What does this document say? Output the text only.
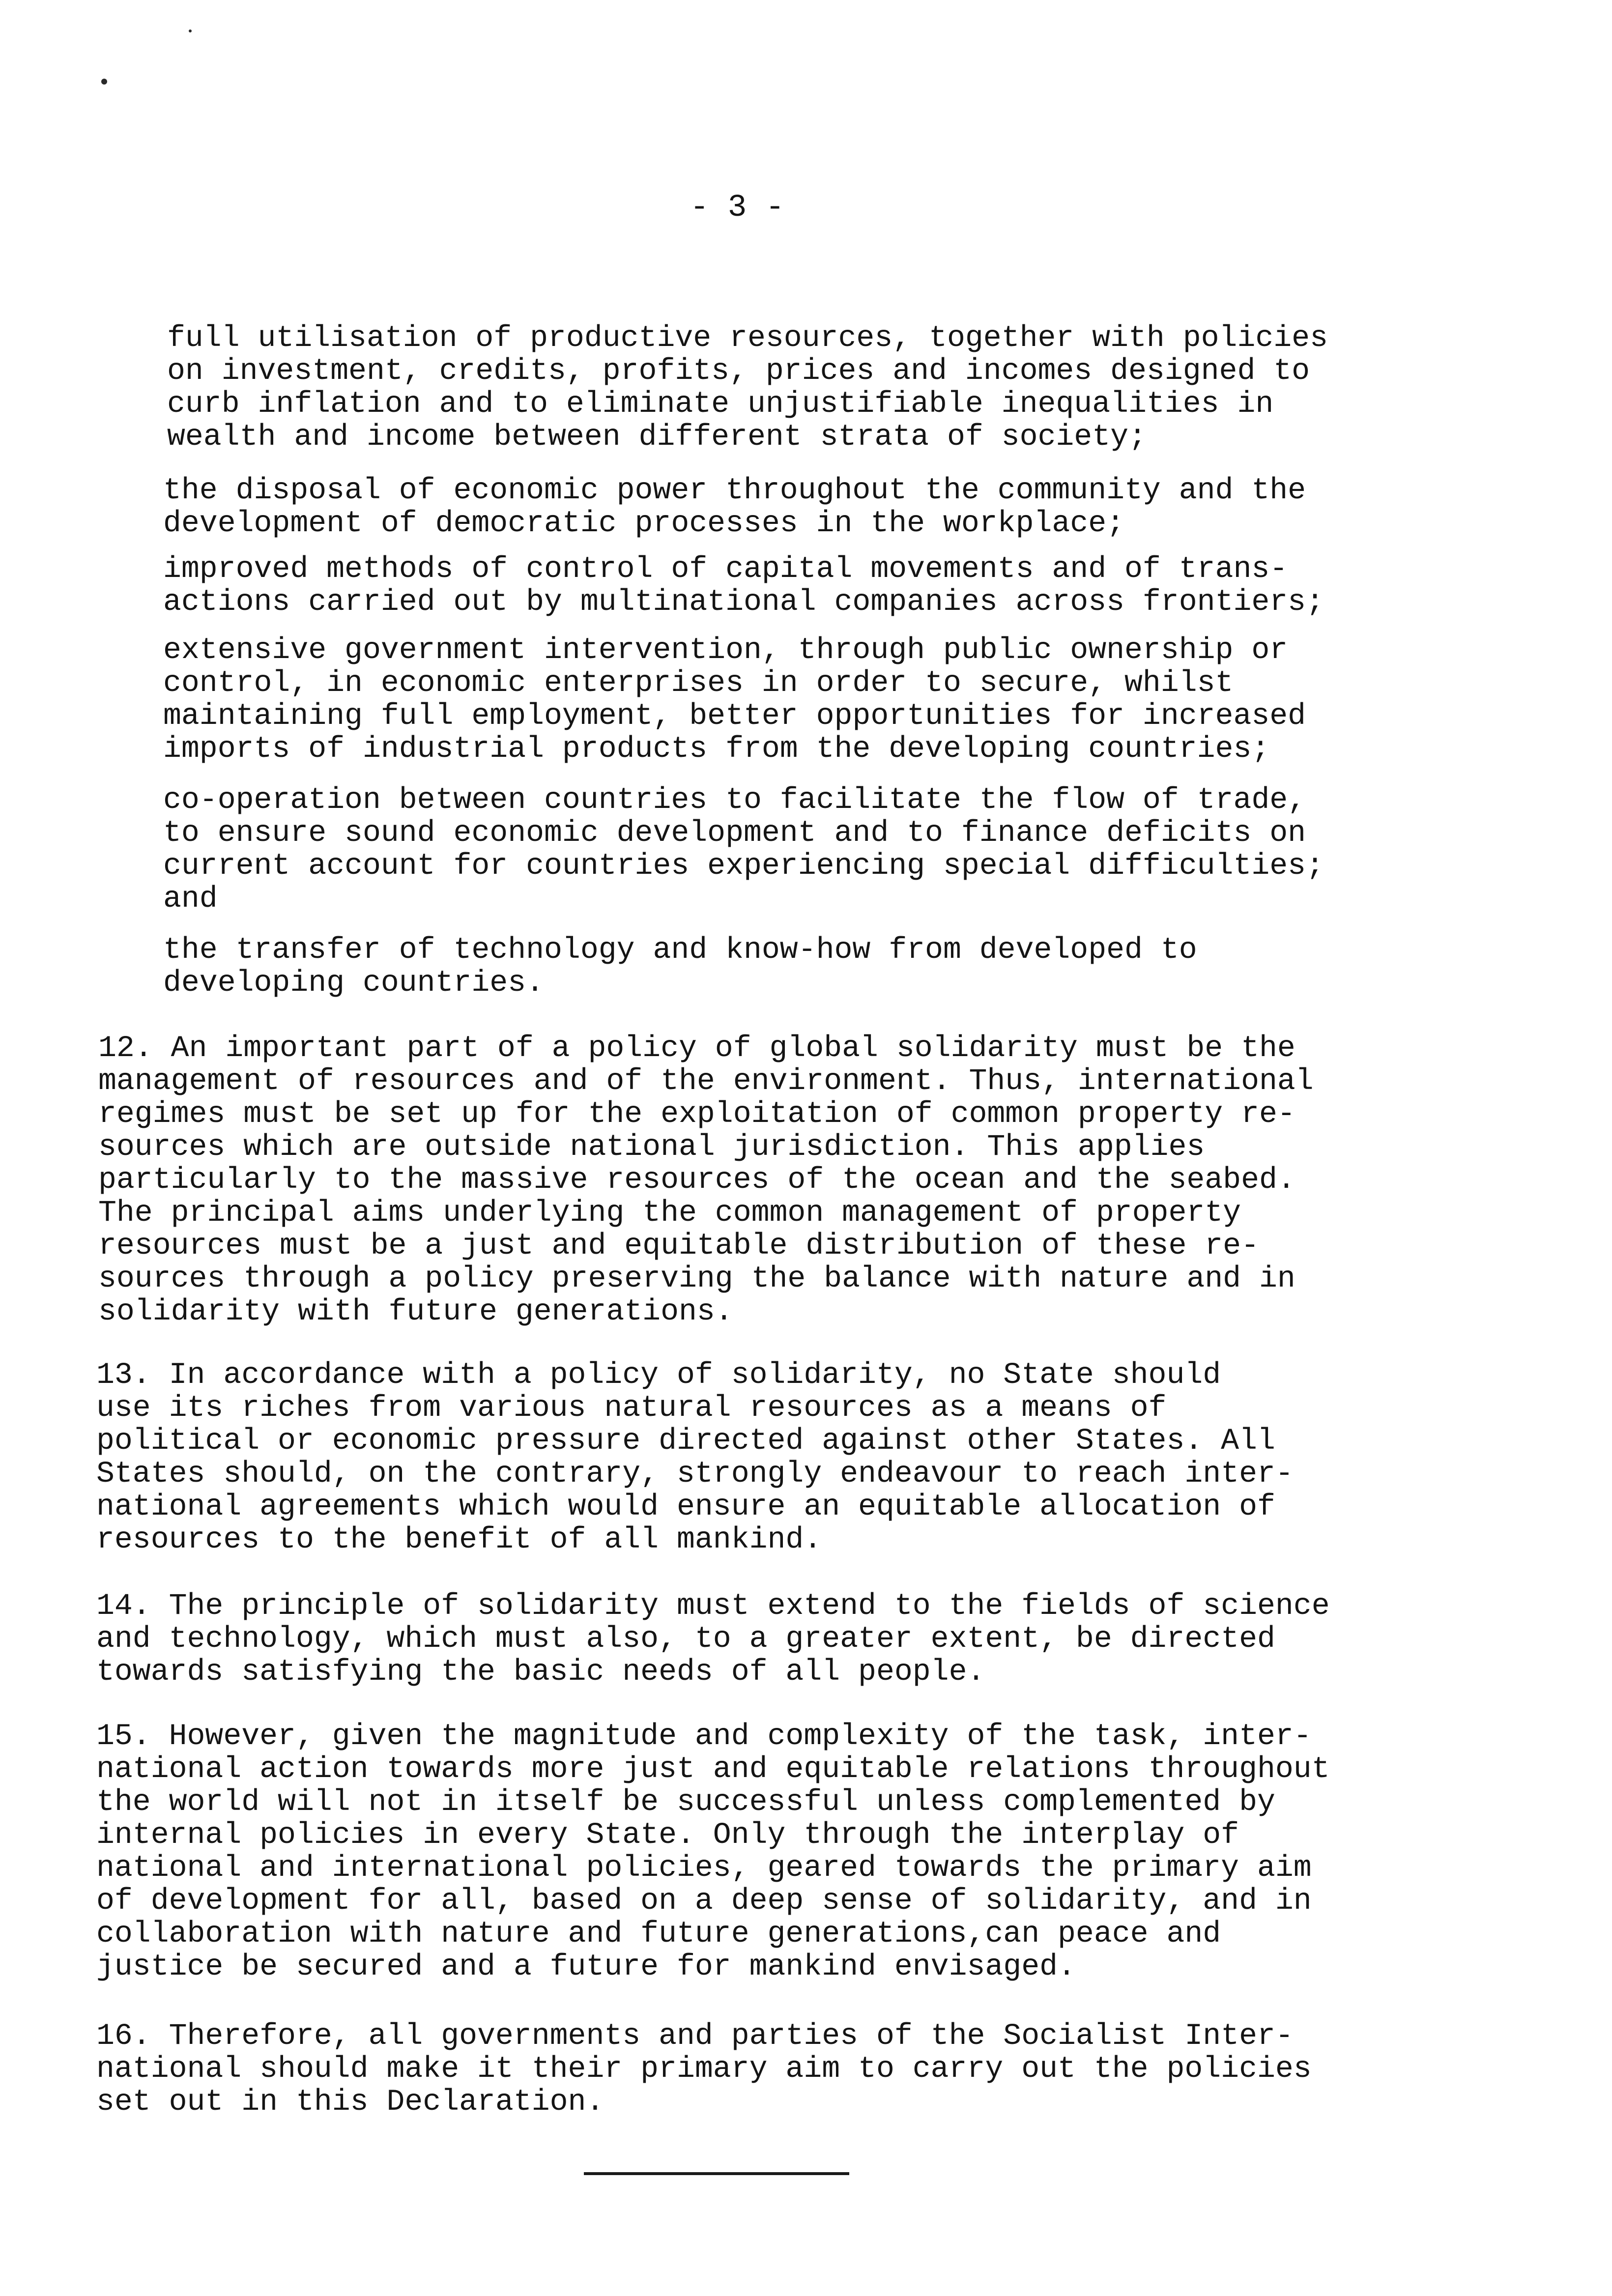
- 3 -

full utilisation of productive resources, together with policies
on investment, credits, profits, prices and incomes designed to
curb inflation and to eliminate unjustifiable inequalities in
wealth and income between different strata of society;

the disposal of economic power throughout the community and the
development of democratic processes in the workplace;

improved methods of control of capital movements and of trans-
actions carried out by multinational companies across frontiers;

extensive government intervention, through public ownership or
control, in economic enterprises in order to secure, whilst
maintaining full employment, better opportunities for increased
imports of industrial products from the developing countries;

co-operation between countries to facilitate the flow of trade,
to ensure sound economic development and to finance deficits on
current account for countries experiencing special difficulties;
and

the transfer of technology and know-how from developed to
developing countries.

12. An important part of a policy of global solidarity must be the
management of resources and of the environment. Thus, international
regimes must be set up for the exploitation of common property re-
sources which are outside national jurisdiction. This applies
particularly to the massive resources of the ocean and the seabed.
The principal aims underlying the common management of property
resources must be a just and equitable distribution of these re-
sources through a policy preserving the balance with nature and in
solidarity with future generations.

13. In accordance with a policy of solidarity, no State should
use its riches from various natural resources as a means of
political or economic pressure directed against other States. All
States should, on the contrary, strongly endeavour to reach inter-
national agreements which would ensure an equitable allocation of
resources to the benefit of all mankind.

14. The principle of solidarity must extend to the fields of science
and technology, which must also, to a greater extent, be directed
towards satisfying the basic needs of all people.

15. However, given the magnitude and complexity of the task, inter-
national action towards more just and equitable relations throughout
the world will not in itself be successful unless complemented by
internal policies in every State. Only through the interplay of
national and international policies, geared towards the primary aim
of development for all, based on a deep sense of solidarity, and in
collaboration with nature and future generations,can peace and
justice be secured and a future for mankind envisaged.

16. Therefore, all governments and parties of the Socialist Inter-
national should make it their primary aim to carry out the policies
set out in this Declaration.
